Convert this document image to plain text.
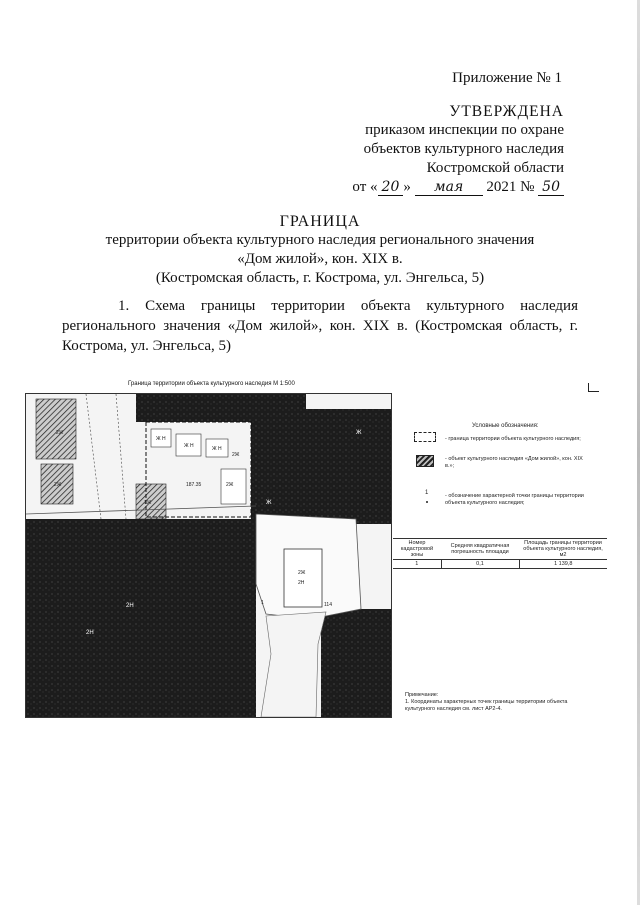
Приложение № 1
УТВЕРЖДЕНА
приказом инспекции по охране
объектов культурного наследия
Костромской области
от « 20 » мая 2021 № 50
ГРАНИЦА
территории объекта культурного наследия регионального значения
«Дом жилой», кон. XIX в.
(Костромская область, г. Кострома, ул. Энгельса, 5)
1. Схема границы территории объекта культурного наследия регионального значения «Дом жилой», кон. XIX в. (Костромская область, г. Кострома, ул. Энгельса, 5)
Граница территории объекта культурного наследия М 1:500
Ж Н
Ж Н	Ж Н
187.35	2Ж
2Ж
2Ж
1Ж
2Н
2Ж
1
2Н
114
Ж
Ж
2Ж
2Н
Условные обозначения:
- граница территории объекта культурного наследия;
- объект культурного наследия «Дом жилой», кон. XIX в.»;
1	- обозначение характерной точки границы территории объекта культурного наследия;
Номер кадастровой зоны	Средняя квадратичная погрешность площади	Площадь границы территории объекта культурного наследия, м2
1	0,1	1 139,8
Примечание:
1. Координаты характерных точек границы территории объекта культурного наследия см. лист АР2-4.
